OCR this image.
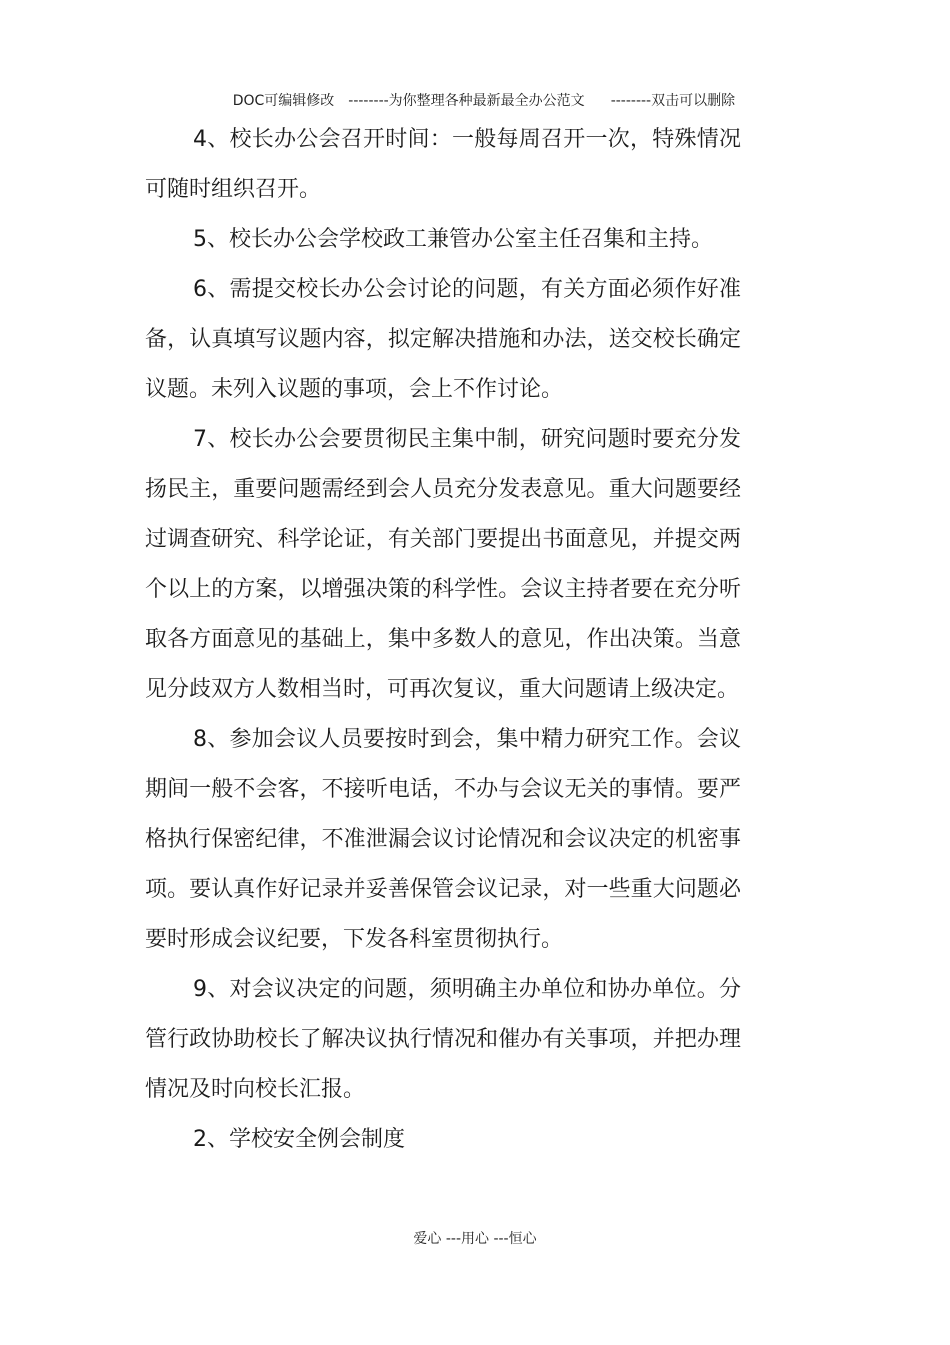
DOC可编辑修改 --------为你整理各种最新最全办公范文 --------双击可以删除

4、校长办公会召开时间：一般每周召开一次，特殊情况可随时组织召开。

5、校长办公会学校政工兼管办公室主任召集和主持。

6、需提交校长办公会讨论的问题，有关方面必须作好准备，认真填写议题内容，拟定解决措施和办法，送交校长确定议题。未列入议题的事项，会上不作讨论。

7、校长办公会要贯彻民主集中制，研究问题时要充分发扬民主，重要问题需经到会人员充分发表意见。重大问题要经过调查研究、科学论证，有关部门要提出书面意见，并提交两个以上的方案，以增强决策的科学性。会议主持者要在充分听取各方面意见的基础上，集中多数人的意见，作出决策。当意见分歧双方人数相当时，可再次复议，重大问题请上级决定。

8、参加会议人员要按时到会，集中精力研究工作。会议期间一般不会客，不接听电话，不办与会议无关的事情。要严格执行保密纪律，不准泄漏会议讨论情况和会议决定的机密事项。要认真作好记录并妥善保管会议记录，对一些重大问题必要时形成会议纪要，下发各科室贯彻执行。

9、对会议决定的问题，须明确主办单位和协办单位。分管行政协助校长了解决议执行情况和催办有关事项，并把办理情况及时向校长汇报。

2、学校安全例会制度

爱心 ---用心 ---恒心
